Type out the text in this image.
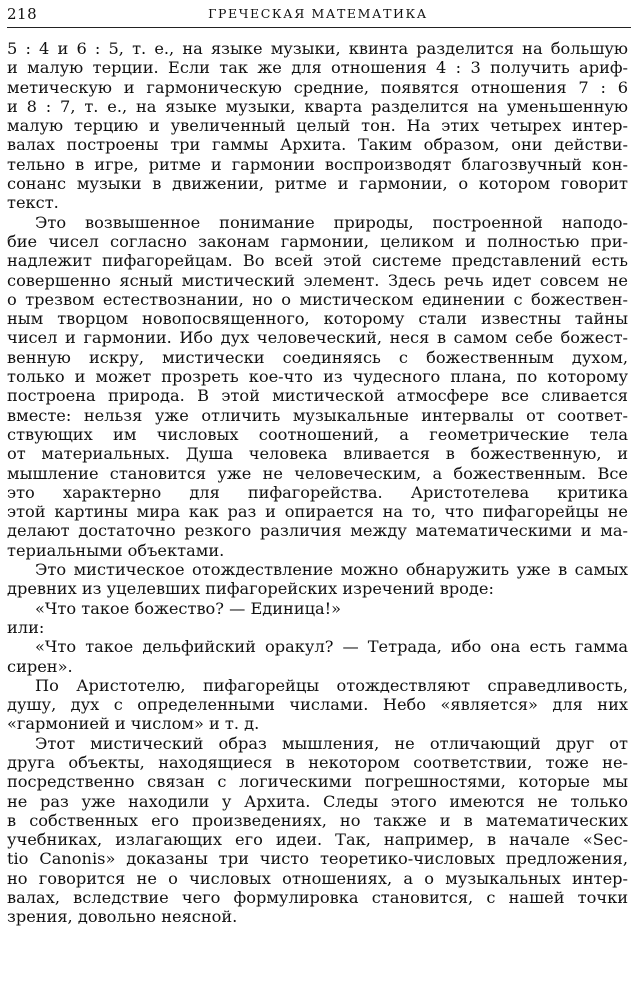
218	ГРЕЧЕСКАЯ МАТЕМАТИКА
5 : 4 и 6 : 5, т. е., на языке музыки, квинта разделится на большую
и малую терции. Если так же для отношения 4 : 3 получить ариф-
метическую и гармоническую средние, появятся отношения 7 : 6
и 8 : 7, т. е., на языке музыки, кварта разделится на уменьшенную
малую терцию и увеличенный целый тон. На этих четырех интер-
валах построены три гаммы Архита. Таким образом, они действи-
тельно в игре, ритме и гармонии воспроизводят благозвучный кон-
сонанс музыки в движении, ритме и гармонии, о котором говорит
текст.
Это возвышенное понимание природы, построенной наподо-
бие чисел согласно законам гармонии, целиком и полностью при-
надлежит пифагорейцам. Во всей этой системе представлений есть
совершенно ясный мистический элемент. Здесь речь идет совсем не
о трезвом естествознании, но о мистическом единении с божествен-
ным творцом новопосвященного, которому стали известны тайны
чисел и гармонии. Ибо дух человеческий, неся в самом себе божест-
венную искру, мистически соединяясь с божественным духом,
только и может прозреть кое-что из чудесного плана, по которому
построена природа. В этой мистической атмосфере все сливается
вместе: нельзя уже отличить музыкальные интервалы от соответ-
ствующих им числовых соотношений, а геометрические тела
от материальных. Душа человека вливается в божественную, и
мышление становится уже не человеческим, а божественным. Все
это характерно для пифагорейства. Аристотелева критика
этой картины мира как раз и опирается на то, что пифагорейцы не
делают достаточно резкого различия между математическими и ма-
териальными объектами.
Это мистическое отождествление можно обнаружить уже в самых
древних из уцелевших пифагорейских изречений вроде:
«Что такое божество? — Единица!»
или:
«Что такое дельфийский оракул? — Тетрада, ибо она есть гамма
сирен».
По Аристотелю, пифагорейцы отождествляют справедливость,
душу, дух с определенными числами. Небо «является» для них
«гармонией и числом» и т. д.
Этот мистический образ мышления, не отличающий друг от
друга объекты, находящиеся в некотором соответствии, тоже не-
посредственно связан с логическими погрешностями, которые мы
не раз уже находили у Архита. Следы этого имеются не только
в собственных его произведениях, но также и в математических
учебниках, излагающих его идеи. Так, например, в начале «Sec-
tio Canonis» доказаны три чисто теоретико-числовых предложения,
но говорится не о числовых отношениях, а о музыкальных интер-
валах, вследствие чего формулировка становится, с нашей точки
зрения, довольно неясной.
